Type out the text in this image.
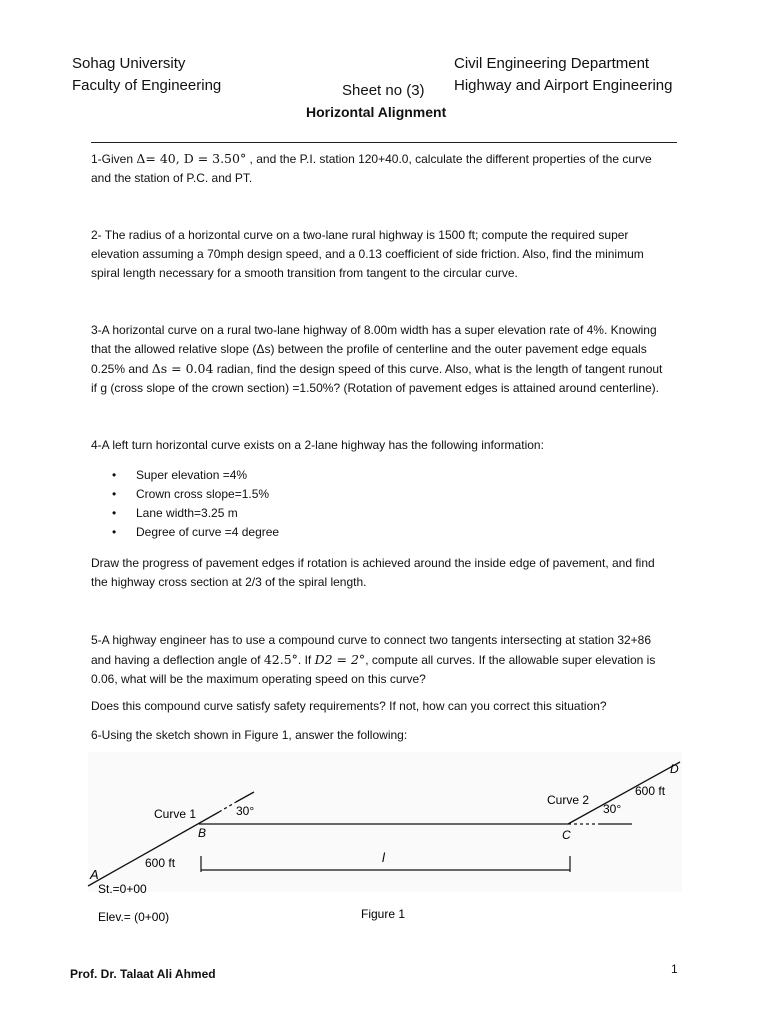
Sohag University
Faculty of Engineering
Civil Engineering Department
Highway and Airport Engineering
Sheet no (3)
Horizontal Alignment

1-Given Δ= 40, D = 3.50° , and the P.I. station 120+40.0, calculate the different properties of the curve

and the station of P.C. and PT.

2- The radius of a horizontal curve on a two-lane rural highway is 1500 ft; compute the required super

elevation assuming a 70mph design speed, and a 0.13 coefficient of side friction. Also, find the minimum

spiral length necessary for a smooth transition from tangent to the circular curve.

3-A horizontal curve on a rural two-lane highway of 8.00m width has a super elevation rate of 4%. Knowing

that the allowed relative slope (Δs) between the profile of centerline and the outer pavement edge equals

0.25% and Δs = 0.04 radian, find the design speed of this curve. Also, what is the length of tangent runout

if g (cross slope of the crown section) =1.50%? (Rotation of pavement edges is attained around centerline).

4-A left turn horizontal curve exists on a 2-lane highway has the following information:
• Super elevation =4%
• Crown cross slope=1.5%
• Lane width=3.25 m
• Degree of curve =4 degree

Draw the progress of pavement edges if rotation is achieved around the inside edge of pavement, and find

the highway cross section at 2/3 of the spiral length.

5-A highway engineer has to use a compound curve to connect two tangents intersecting at station 32+86

and having a deflection angle of 42.5°. If D2 = 2°, compute all curves. If the allowable super elevation is

0.06, what will be the maximum operating speed on this curve?

Does this compound curve satisfy safety requirements? If not, how can you correct this situation?
6-Using the sketch shown in Figure 1, answer the following:
A
B	C
D
Curve 1
Curve 2
30°	30°
600 ft
600 ft
l
St.=0+00
Elev.= (0+00)	Figure 1
Prof. Dr. Talaat Ali Ahmed	1
